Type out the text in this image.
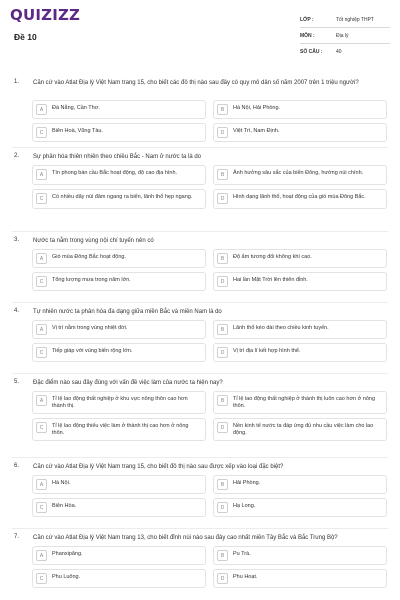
QUIZIZZ
Đề 10
LỚP :	Tốt nghiệp THPT
MÔN :	Địa lý
SỐ CÂU :	40
1. Căn cứ vào Atlat Địa lý Việt Nam trang 15, cho biết các đô thị nào sau đây có quy mô dân số năm 2007 trên 1 triệu người?

A	Đà Nẵng, Cần Thơ.	B	Hà Nội, Hải Phòng.
C	Biên Hoà, Vũng Tàu.	D	Việt Trì, Nam Định.
2. Sự phân hóa thiên nhiên theo chiều Bắc - Nam ở nước ta là do

A	Tín phong bán cầu Bắc hoạt động, độ cao địa hình.	B	Ảnh hưởng sâu sắc của biển Đông, hướng núi chính.
C	Có nhiều dãy núi đâm ngang ra biển, lãnh thổ hẹp ngang.	D	Hình dạng lãnh thổ, hoạt động của gió mùa Đông Bắc.
3. Nước ta nằm trong vùng nội chí tuyến nên có

A	Gió mùa Đông Bắc hoạt động.	B	Độ ẩm tương đối không khí cao.
C	Tổng lượng mưa trong năm lớn.	D	Hai lần Mặt Trời lên thiên đỉnh.
4. Tự nhiên nước ta phân hóa đa dạng giữa miền Bắc và miền Nam là do

A	Vị trí nằm trong vùng nhiệt đới.	B	Lãnh thổ kéo dài theo chiều kinh tuyến.
C	Tiếp giáp với vùng biển rộng lớn.	D	Vị trí địa lí kết hợp hình thể.
5. Đặc điểm nào sau đây đúng với vấn đề việc làm của nước ta hiện nay?

A	Tỉ lệ lao động thất nghiệp ở khu vực nông thôn cao hơn thành thị.
B	Tỉ lệ lao động thất nghiệp ở thành thị luôn cao hơn ở nông thôn.
C	Tỉ lệ lao động thiếu việc làm ở thành thị cao hơn ở nông thôn.
D	Nền kinh tế nước ta đáp ứng đủ nhu cầu việc làm cho lao động.
6. Căn cứ vào Atlat Địa lý Việt Nam trang 15, cho biết đô thị nào sau được xếp vào loại đặc biệt?

A	Hà Nội.	B	Hải Phòng.
C	Biên Hòa.	D	Hạ Long.
7. Căn cứ vào Atlat Địa lý Việt Nam trang 13, cho biết đỉnh núi nào sau đây cao nhất miền Tây Bắc và Bắc Trung Bộ?

A	Phanxipăng.	B	Pu Trà.
C	Phu Luông.	D	Phu Hoạt.
